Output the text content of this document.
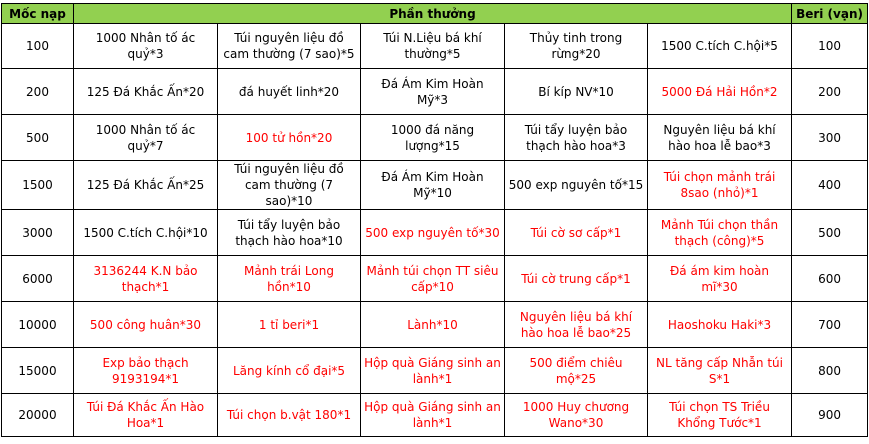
Mốc nạp	Phần thưởng					Beri (vạn)
100	1000 Nhân tố ác quỷ*3	Túi nguyên liệu đồ cam thường (7 sao)*5	Túi N.Liệu bá khí thường*5	Thủy tinh trong rừng*20	1500 C.tích C.hội*5	100
200	125 Đá Khắc Ấn*20	đá huyết linh*20	Đá Ám Kim Hoàn Mỹ*3	Bí kíp NV*10	5000 Đá Hải Hồn*2	200
500	1000 Nhân tố ác quỷ*7	100 tử hồn*20	1000 đá năng lượng*15	Túi tẩy luyện bảo thạch hào hoa*3	Nguyên liệu bá khí hào hoa lễ bao*3	300
1500	125 Đá Khắc Ấn*25	Túi nguyên liệu đồ cam thường (7 sao)*10	Đá Ám Kim Hoàn Mỹ*10	500 exp nguyên tố*15	Túi chọn mảnh trái 8sao (nhỏ)*1	400
3000	1500 C.tích C.hội*10	Túi tẩy luyện bảo thạch hào hoa*10	500 exp nguyên tố*30	Túi cờ sơ cấp*1	Mảnh Túi chọn thần thạch (công)*5	500
6000	3136244 K.N bảo thạch*1	Mảnh trái Long hồn*10	Mảnh túi chọn TT siêu cấp*10	Túi cờ trung cấp*1	Đá ám kim hoàn mĩ*30	600
10000	500 công huân*30	1 tỉ beri*1	Lành*10	Nguyên liệu bá khí hào hoa lễ bao*25	Haoshoku Haki*3	700
15000	Exp bảo thạch 9193194*1	Lăng kính cổ đại*5	Hộp quà Giáng sinh an lành*1	500 điểm chiêu mộ*25	NL tăng cấp Nhẫn túi S*1	800
20000	Túi Đá Khắc Ấn Hào Hoa*1	Túi chọn b.vật 180*1	Hộp quà Giáng sinh an lành*1	1000 Huy chương Wano*30	Túi chọn TS Triều Khổng Tước*1	900
